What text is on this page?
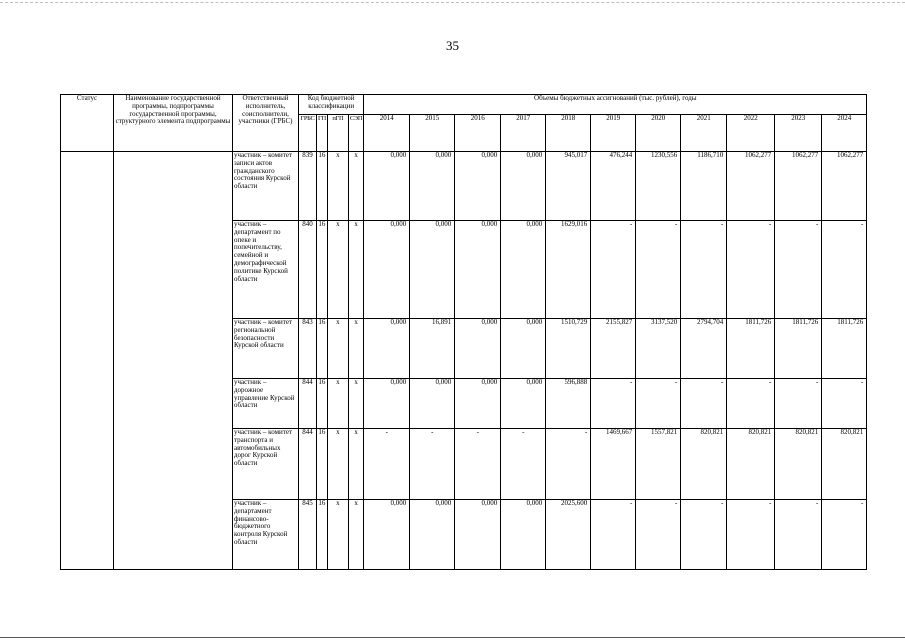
35
Статус	Наименование государственной программы, подпрограммы государственной программы, структурного элемента подпрограммы	Ответственный исполнитель, соисполнители, участники (ГРБС)	Код бюджетной классификации				Объемы бюджетных ассигнований (тыс. рублей), годы										
			ГРБС	ГП	пГП	СЭП	2014	2015	2016	2017	2018	2019	2020	2021	2022	2023	2024
		участник – комитет записи актов гражданского состояния Курской области	839	16	х	х	0,000	0,000	0,000	0,000	945,017	476,244	1230,556	1186,710	1062,277	1062,277	1062,277
		участник – департамент по опеке и попечительству, семейной и демографической политике Курской области	840	16	х	х	0,000	0,000	0,000	0,000	1629,016	-	-	-	-	-	-
		участник – комитет региональной безопасности Курской области	843	16	х	х	0,000	16,891	0,000	0,000	1510,729	2155,827	3137,520	2794,704	1811,726	1811,726	1811,726
		участник – дорожное управление Курской области	844	16	х	х	0,000	0,000	0,000	0,000	596,888	-	-	-	-	-	-
		участник – комитет транспорта и автомобильных дорог Курской области	844	16	х	х	-	-	-	-	-	1469,667	1557,821	820,821	820,821	820,821	820,821
		участник – департамент финансово-бюджетного контроля Курской области	845	16	х	х	0,000	0,000	0,000	0,000	2025,600	-	-	-	-	-	-
